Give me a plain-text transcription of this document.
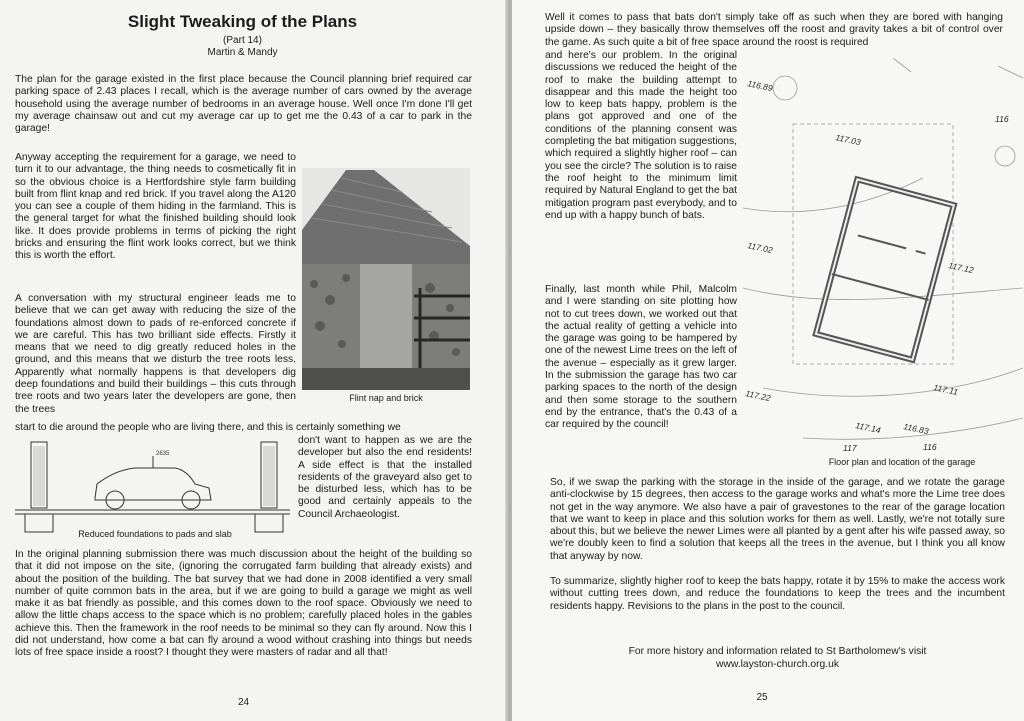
Slight Tweaking of the Plans
(Part 14)
Martin & Mandy

The plan for the garage existed in the first place because the Council planning brief required car parking space of 2.43 places I recall, which is the average number of cars owned by the average household using the average number of bedrooms in an average house. Well once I'm done I'll get my average chainsaw out and cut my average car up to get me the 0.43 of a car to park in the garage!

Anyway accepting the requirement for a garage, we need to turn it to our advantage, the thing needs to cosmetically fit in so the obvious choice is a Hertfordshire style farm building built from flint knap and red brick. If you travel along the A120 you can see a couple of them hiding in the farmland. This is the general target for what the finished building should look like. It does provide problems in terms of picking the right bricks and ensuring the flint work looks correct, but we think this is worth the effort.

Flint nap and brick

A conversation with my structural engineer leads me to believe that we can get away with reducing the size of the foundations almost down to pads of re-enforced concrete if we are careful. This has two brilliant side effects. Firstly it means that we need to dig greatly reduced holes in the ground, and this means that we disturb the tree roots less. Apparently what normally happens is that developers dig deep foundations and build their buildings – this cuts through tree roots and two years later the developers are gone, then the trees

start to die around the people who are living there, and this is certainly something we

don't want to happen as we are the developer but also the end residents! A side effect is that the installed residents of the graveyard also get to be disturbed less, which has to be good and certainly appeals to the Council Archaeologist.

2635
Reduced foundations to pads and slab

In the original planning submission there was much discussion about the height of the building so that it did not impose on the site, (ignoring the corrugated farm building that already exists) and about the position of the building. The bat survey that we had done in 2008 identified a very small number of quite common bats in the area, but if we are going to build a garage we might as well make it as bat friendly as possible, and this comes down to the roof space. Obviously we need to allow the little chaps access to the space which is no problem; carefully placed holes in the gables achieve this. Then the framework in the roof needs to be minimal so they can fly around. Now this I did not understand, how come a bat can fly around a wood without crashing into things but needs lots of free space inside a roost? I thought they were masters of radar and all that!

24

Well it comes to pass that bats don't simply take off as such when they are bored with hanging upside down – they basically throw themselves off the roost and gravity takes a bit of control over the game. As such quite a bit of free space around the roost is required

and here's our problem. In the original discussions we reduced the height of the roof to make the building attempt to disappear and this made the height too low to keep bats happy, problem is the plans got approved and one of the conditions of the planning consent was completing the bat mitigation suggestions, which required a slightly higher roof – can you see the circle? The solution is to raise the roof height to the minimum limit required by Natural England to get the bat mitigation program past everybody, and to end up with a happy bunch of bats.

116.89
117.03
117.02
117.12
117.22	117.11
117.14 116.83
117	116
116
Floor plan and location of the garage

Finally, last month while Phil, Malcolm and I were standing on site plotting how not to cut trees down, we worked out that the actual reality of getting a vehicle into the garage was going to be hampered by one of the newest Lime trees on the left of the avenue – especially as it grew larger. In the submission the garage has two car parking spaces to the north of the design and then some storage to the southern end by the entrance, that's the 0.43 of a car required by the council!

So, if we swap the parking with the storage in the inside of the garage, and we rotate the garage anti-clockwise by 15 degrees, then access to the garage works and what's more the Lime tree does not get in the way anymore. We also have a pair of gravestones to the rear of the garage location that we want to keep in place and this solution works for them as well. Lastly, we're not totally sure about this, but we believe the newer Limes were all planted by a gent after his wife passed away, so we're doubly keen to find a solution that keeps all the trees in the avenue, but I think you all know that anyway by now.

To summarize, slightly higher roof to keep the bats happy, rotate it by 15% to make the access work without cutting trees down, and reduce the foundations to keep the trees and the incumbent residents happy. Revisions to the plans in the post to the council.

For more history and information related to St Bartholomew's visit
www.layston-church.org.uk
25
